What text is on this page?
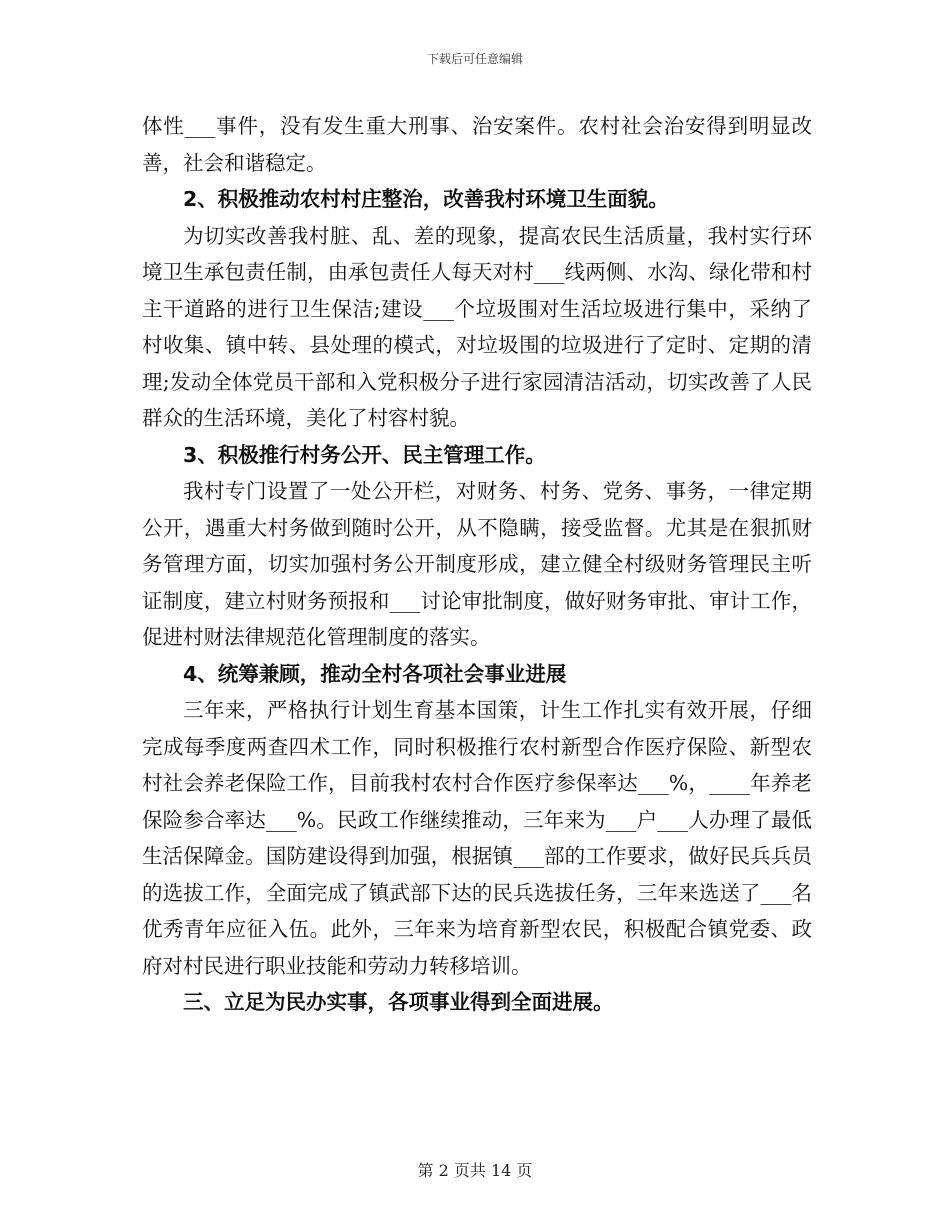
下载后可任意编辑

体性___事件，没有发生重大刑事、治安案件。农村社会治安得到明显改善，社会和谐稳定。

2、积极推动农村村庄整治，改善我村环境卫生面貌。

为切实改善我村脏、乱、差的现象，提高农民生活质量，我村实行环境卫生承包责任制，由承包责任人每天对村___线两侧、水沟、绿化带和村主干道路的进行卫生保洁;建设___个垃圾围对生活垃圾进行集中，采纳了村收集、镇中转、县处理的模式，对垃圾围的垃圾进行了定时、定期的清理;发动全体党员干部和入党积极分子进行家园清洁活动，切实改善了人民群众的生活环境，美化了村容村貌。

3、积极推行村务公开、民主管理工作。

我村专门设置了一处公开栏，对财务、村务、党务、事务，一律定期公开，遇重大村务做到随时公开，从不隐瞒，接受监督。尤其是在狠抓财务管理方面，切实加强村务公开制度形成，建立健全村级财务管理民主听证制度，建立村财务预报和___讨论审批制度，做好财务审批、审计工作，促进村财法律规范化管理制度的落实。

4、统筹兼顾，推动全村各项社会事业进展

三年来，严格执行计划生育基本国策，计生工作扎实有效开展，仔细完成每季度两查四术工作，同时积极推行农村新型合作医疗保险、新型农村社会养老保险工作，目前我村农村合作医疗参保率达___%，____年养老保险参合率达___%。民政工作继续推动，三年来为___户___人办理了最低生活保障金。国防建设得到加强，根据镇___部的工作要求，做好民兵兵员的选拔工作，全面完成了镇武部下达的民兵选拔任务，三年来选送了___名优秀青年应征入伍。此外，三年来为培育新型农民，积极配合镇党委、政府对村民进行职业技能和劳动力转移培训。

三、立足为民办实事，各项事业得到全面进展。

第 2 页共 14 页
